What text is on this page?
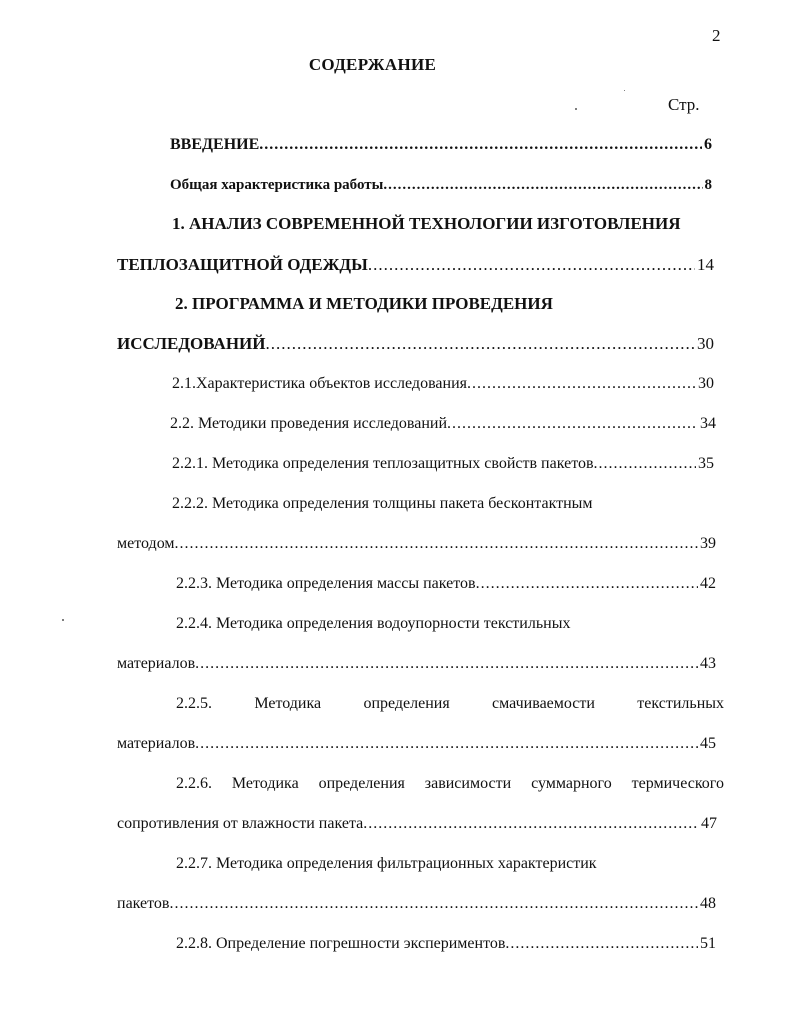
2
СОДЕРЖАНИЕ
Стр.
ВВЕДЕНИЕ .....	6
Общая характеристика работы .....	8
1. АНАЛИЗ СОВРЕМЕННОЙ ТЕХНОЛОГИИ ИЗГОТОВЛЕНИЯ
ТЕПЛОЗАЩИТНОЙ ОДЕЖДЫ .....	14
2. ПРОГРАММА И МЕТОДИКИ ПРОВЕДЕНИЯ
ИССЛЕДОВАНИЙ .....	30
2.1.Характеристика объектов исследования .....	30
2.2. Методики проведения исследований .....	34
2.2.1. Методика определения теплозащитных свойств пакетов .....	35
2.2.2. Методика определения толщины пакета бесконтактным
методом .....	39
2.2.3. Методика определения массы пакетов .....	42
2.2.4. Методика определения водоупорности текстильных
материалов .....	43
2.2.5.	Методика	определения	смачиваемости	текстильных
материалов .....	45
2.2.6. Методика определения зависимости суммарного термического
сопротивления от влажности пакета .....	47
2.2.7. Методика определения фильтрационных характеристик
пакетов .....	48
2.2.8. Определение погрешности экспериментов .....	51
